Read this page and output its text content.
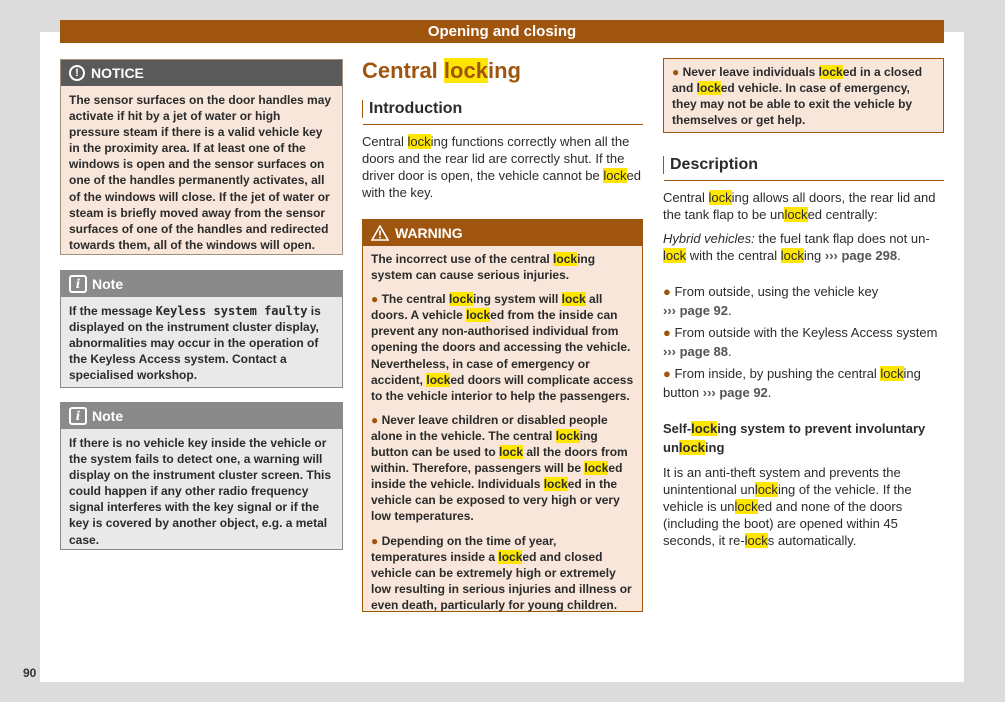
Opening and closing
! NOTICE
The sensor surfaces on the door handles may activate if hit by a jet of water or high pressure steam if there is a valid vehicle key in the proximity area. If at least one of the windows is open and the sensor surfaces on one of the handles permanently activates, all of the windows will close. If the jet of water or steam is briefly moved away from the sensor surfaces of one of the handles and redirected towards them, all of the windows will open.
i Note
If the message Keyless system faulty is displayed on the instrument cluster display, abnormalities may occur in the operation of the Keyless Access system. Contact a specialised workshop.
i Note
If there is no vehicle key inside the vehicle or the system fails to detect one, a warning will display on the instrument cluster screen. This could happen if any other radio frequency signal interferes with the key signal or if the key is covered by another object, e.g. a metal case.
Central locking
Introduction
Central locking functions correctly when all the doors and the rear lid are correctly shut. If the driver door is open, the vehicle cannot be locked with the key.
WARNING

The incorrect use of the central locking system can cause serious injuries.

● The central locking system will lock all doors. A vehicle locked from the inside can prevent any non-authorised individual from opening the doors and accessing the vehicle. Nevertheless, in case of emergency or accident, locked doors will complicate access to the vehicle interior to help the passengers.

● Never leave children or disabled people alone in the vehicle. The central locking button can be used to lock all the doors from within. Therefore, passengers will be locked inside the vehicle. Individuals locked in the vehicle can be exposed to very high or very low temperatures.

● Depending on the time of year, temperatures inside a locked and closed vehicle can be extremely high or extremely low resulting in serious injuries and illness or even death, particularly for young children.

● Never leave individuals locked in a closed and locked vehicle. In case of emergency, they may not be able to exit the vehicle by themselves or get help.
Description
Central locking allows all doors, the rear lid and the tank flap to be unlocked centrally:
Hybrid vehicles: the fuel tank flap does not un-lock with the central locking ››› page 298.
● From outside, using the vehicle key
››› page 92.
● From outside with the Keyless Access system
››› page 88.
● From inside, by pushing the central locking button ››› page 92.
Self-locking system to prevent involuntary unlocking
It is an anti-theft system and prevents the unintentional unlocking of the vehicle. If the vehicle is unlocked and none of the doors (including the boot) are opened within 45 seconds, it re-locks automatically.
90
